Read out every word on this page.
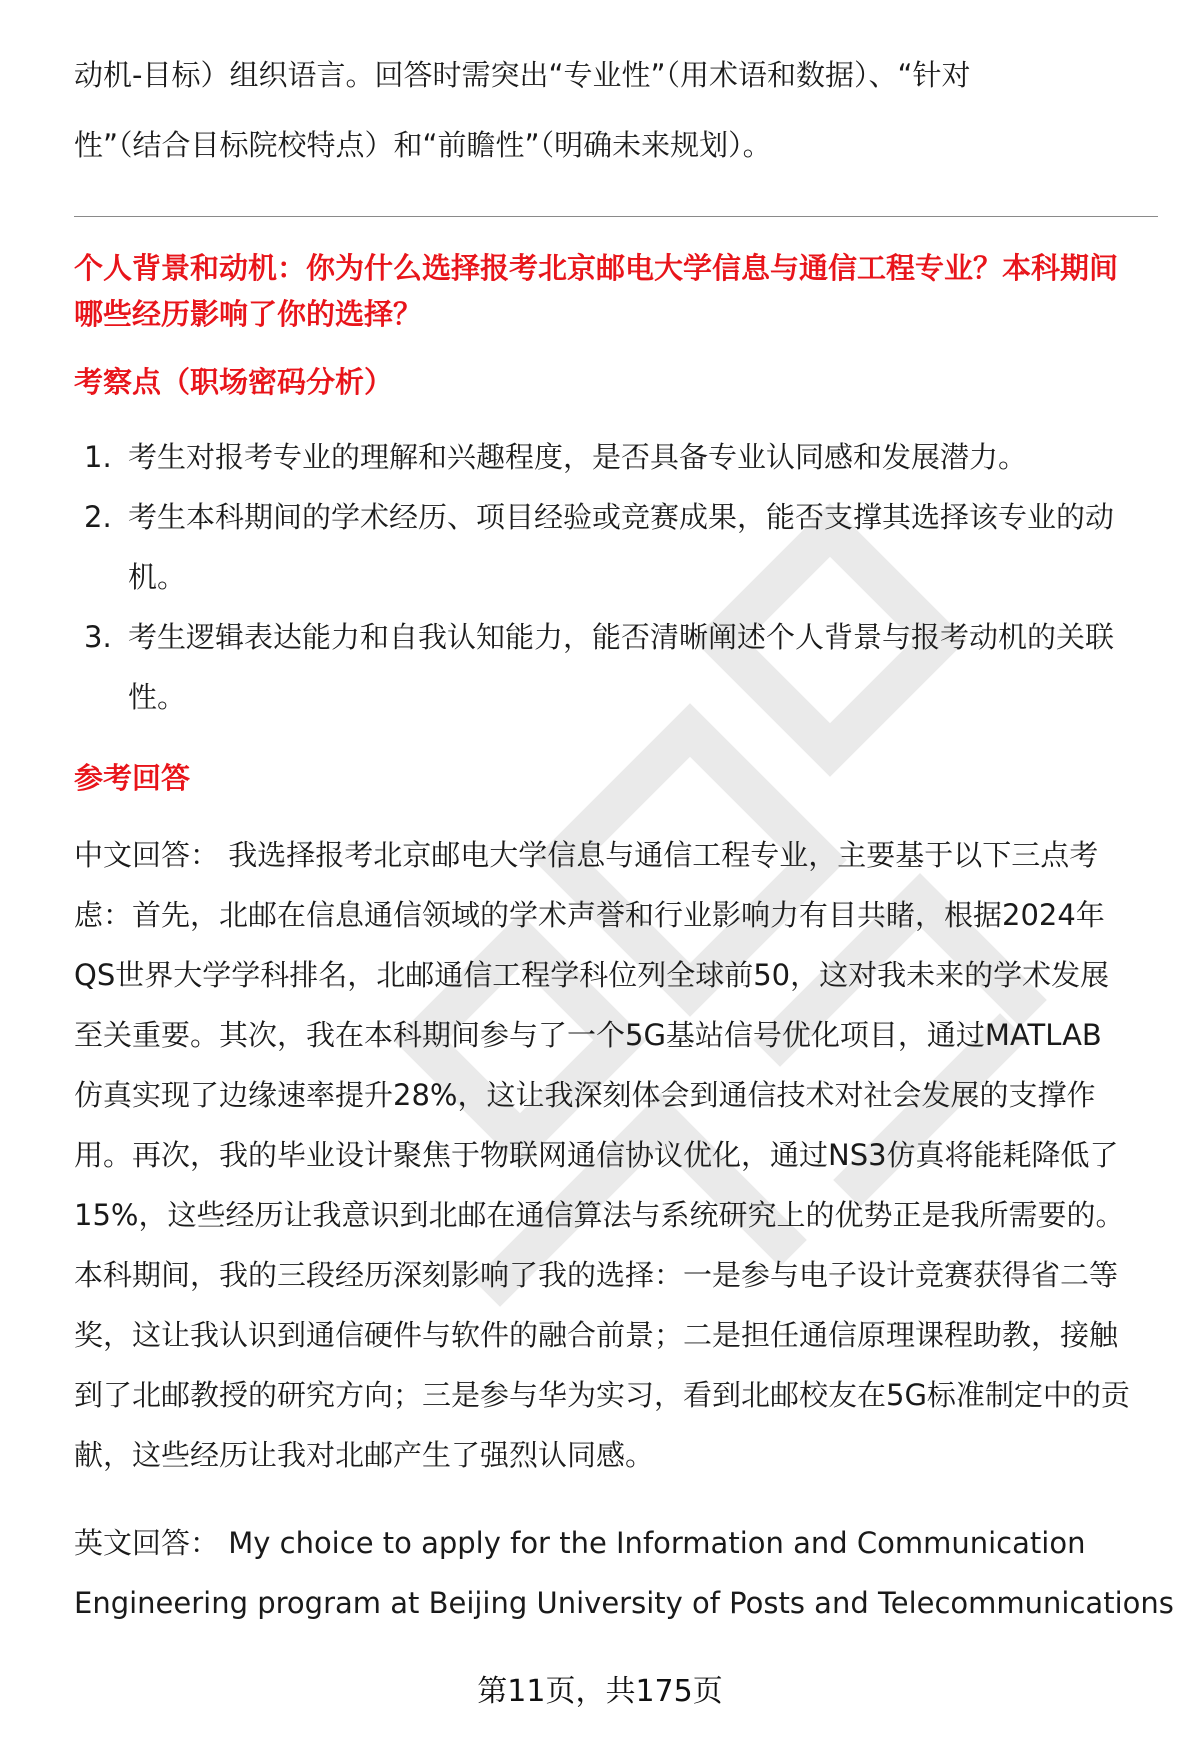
动机-目标）组织语言。回答时需突出“专业性”（用术语和数据）、“针对

性”（结合目标院校特点）和“前瞻性”（明确未来规划）。

个人背景和动机：你为什么选择报考北京邮电大学信息与通信工程专业？本科期间
哪些经历影响了你的选择？
考察点（职场密码分析）
1. 考生对报考专业的理解和兴趣程度，是否具备专业认同感和发展潜力。
2. 考生本科期间的学术经历、项目经验或竞赛成果，能否支撑其选择该专业的动
机。
3. 考生逻辑表达能力和自我认知能力，能否清晰阐述个人背景与报考动机的关联
性。
参考回答
中文回答： 我选择报考北京邮电大学信息与通信工程专业，主要基于以下三点考
虑：首先，北邮在信息通信领域的学术声誉和行业影响力有目共睹，根据2024年
QS世界大学学科排名，北邮通信工程学科位列全球前50，这对我未来的学术发展
至关重要。其次，我在本科期间参与了一个5G基站信号优化项目，通过MATLAB
仿真实现了边缘速率提升28%，这让我深刻体会到通信技术对社会发展的支撑作
用。再次，我的毕业设计聚焦于物联网通信协议优化，通过NS3仿真将能耗降低了
15%，这些经历让我意识到北邮在通信算法与系统研究上的优势正是我所需要的。
本科期间，我的三段经历深刻影响了我的选择：一是参与电子设计竞赛获得省二等
奖，这让我认识到通信硬件与软件的融合前景；二是担任通信原理课程助教，接触
到了北邮教授的研究方向；三是参与华为实习，看到北邮校友在5G标准制定中的贡
献，这些经历让我对北邮产生了强烈认同感。
英文回答： My choice to apply for the Information and Communication
Engineering program at Beijing University of Posts and Telecommunications
第11页，共175页
